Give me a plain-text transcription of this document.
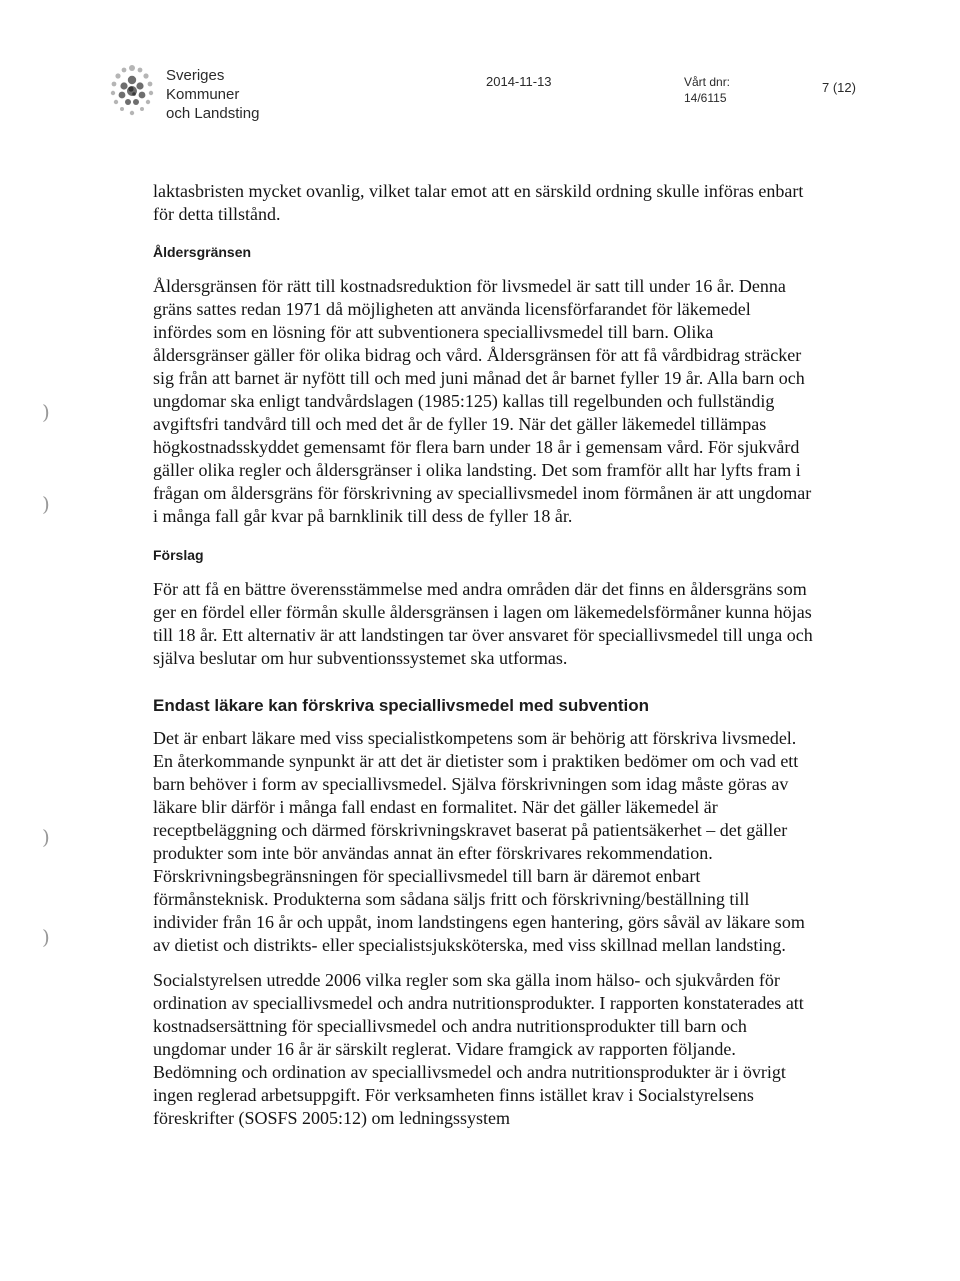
Sveriges
Kommuner
och Landsting
2014-11-13	Vårt dnr:
14/6115
7 (12)
)
)
)
)

laktasbristen mycket ovanlig, vilket talar emot att en särskild ordning skulle införas enbart för detta tillstånd.

Åldersgränsen

Åldersgränsen för rätt till kostnadsreduktion för livsmedel är satt till under 16 år. Denna gräns sattes redan 1971 då möjligheten att använda licensförfarandet för läkemedel infördes som en lösning för att subventionera speciallivsmedel till barn. Olika åldersgränser gäller för olika bidrag och vård. Åldersgränsen för att få vårdbidrag sträcker sig från att barnet är nyfött till och med juni månad det år barnet fyller 19 år. Alla barn och ungdomar ska enligt tandvårdslagen (1985:125) kallas till regelbunden och fullständig avgiftsfri tandvård till och med det år de fyller 19. När det gäller läkemedel tillämpas högkostnadsskyddet gemensamt för flera barn under 18 år i gemensam vård. För sjukvård gäller olika regler och åldersgränser i olika landsting. Det som framför allt har lyfts fram i frågan om åldersgräns för förskrivning av speciallivsmedel inom förmånen är att ungdomar i många fall går kvar på barnklinik till dess de fyller 18 år.

Förslag

För att få en bättre överensstämmelse med andra områden där det finns en åldersgräns som ger en fördel eller förmån skulle åldersgränsen i lagen om läkemedelsförmåner kunna höjas till 18 år. Ett alternativ är att landstingen tar över ansvaret för speciallivsmedel till unga och själva beslutar om hur subventionssystemet ska utformas.

Endast läkare kan förskriva speciallivsmedel med subvention

Det är enbart läkare med viss specialistkompetens som är behörig att förskriva livsmedel. En återkommande synpunkt är att det är dietister som i praktiken bedömer om och vad ett barn behöver i form av speciallivsmedel. Själva förskrivningen som idag måste göras av läkare blir därför i många fall endast en formalitet. När det gäller läkemedel är receptbeläggning och därmed förskrivningskravet baserat på patientsäkerhet – det gäller produkter som inte bör användas annat än efter förskrivares rekommendation. Förskrivningsbegränsningen för speciallivsmedel till barn är däremot enbart förmånsteknisk. Produkterna som sådana säljs fritt och förskrivning/beställning till individer från 16 år och uppåt, inom landstingens egen hantering, görs såväl av läkare som av dietist och distrikts- eller specialistsjuksköterska, med viss skillnad mellan landsting.

Socialstyrelsen utredde 2006 vilka regler som ska gälla inom hälso- och sjukvården för ordination av speciallivsmedel och andra nutritionsprodukter. I rapporten konstaterades att kostnadsersättning för speciallivsmedel och andra nutritionsprodukter till barn och ungdomar under 16 år är särskilt reglerat. Vidare framgick av rapporten följande. Bedömning och ordination av speciallivsmedel och andra nutritionsprodukter är i övrigt ingen reglerad arbetsuppgift. För verksamheten finns istället krav i Socialstyrelsens föreskrifter (SOSFS 2005:12) om ledningssystem
